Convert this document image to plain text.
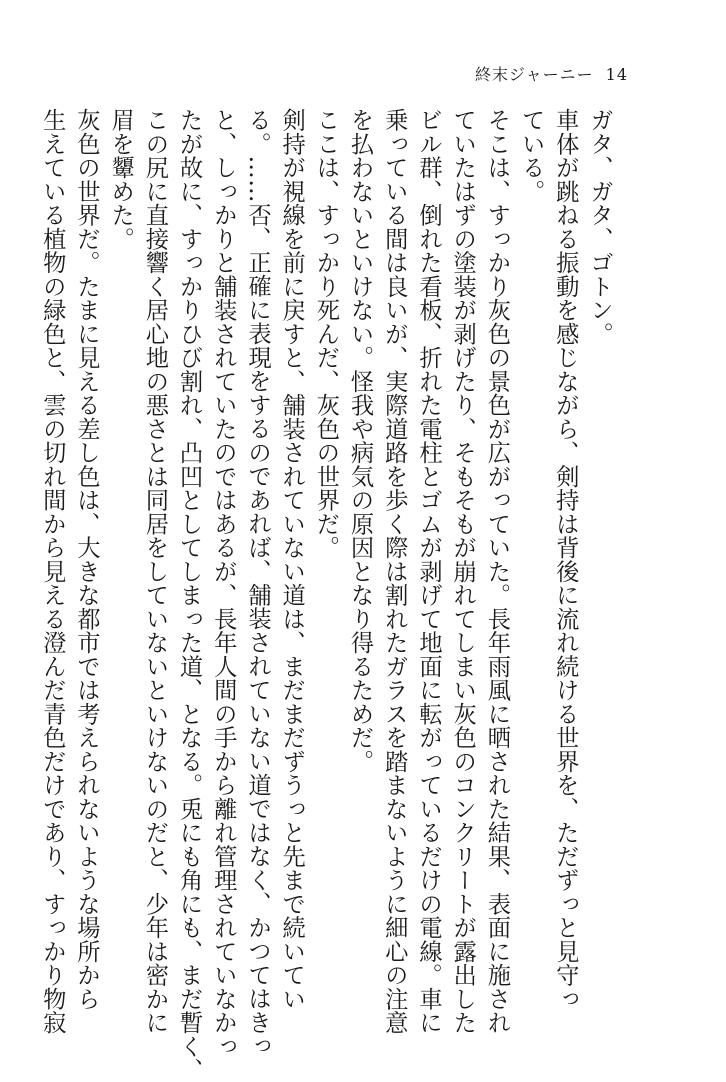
終末ジャーニー 14
ガタ、ガタ、ゴトン。
車体が跳ねる振動を感じながら、剣持は背後に流れ続ける世界を、ただずっと見守っ
ている。
そこは、すっかり灰色の景色が広がっていた。長年雨風に晒された結果、表面に施され
ていたはずの塗装が剥げたり、そもそもが崩れてしまい灰色のコンクリートが露出した
ビル群、倒れた看板、折れた電柱とゴムが剥げて地面に転がっているだけの電線。車に
乗っている間は良いが、実際道路を歩く際は割れたガラスを踏まないように細心の注意
を払わないといけない。怪我や病気の原因となり得るためだ。
ここは、すっかり死んだ、灰色の世界だ。
剣持が視線を前に戻すと、舗装されていない道は、まだまだずうっと先まで続いてい
る。……否、正確に表現をするのであれば、舗装されていない道ではなく、かつてはきっ
と、しっかりと舗装されていたのではあるが、長年人間の手から離れ管理されていなかっ
たが故に、すっかりひび割れ、凸凹としてしまった道、となる。兎にも角にも、まだ暫く、
この尻に直接響く居心地の悪さとは同居をしていないといけないのだと、少年は密かに
眉を顰めた。
灰色の世界だ。たまに見える差し色は、大きな都市では考えられないような場所から
生えている植物の緑色と、雲の切れ間から見える澄んだ青色だけであり、すっかり物寂
